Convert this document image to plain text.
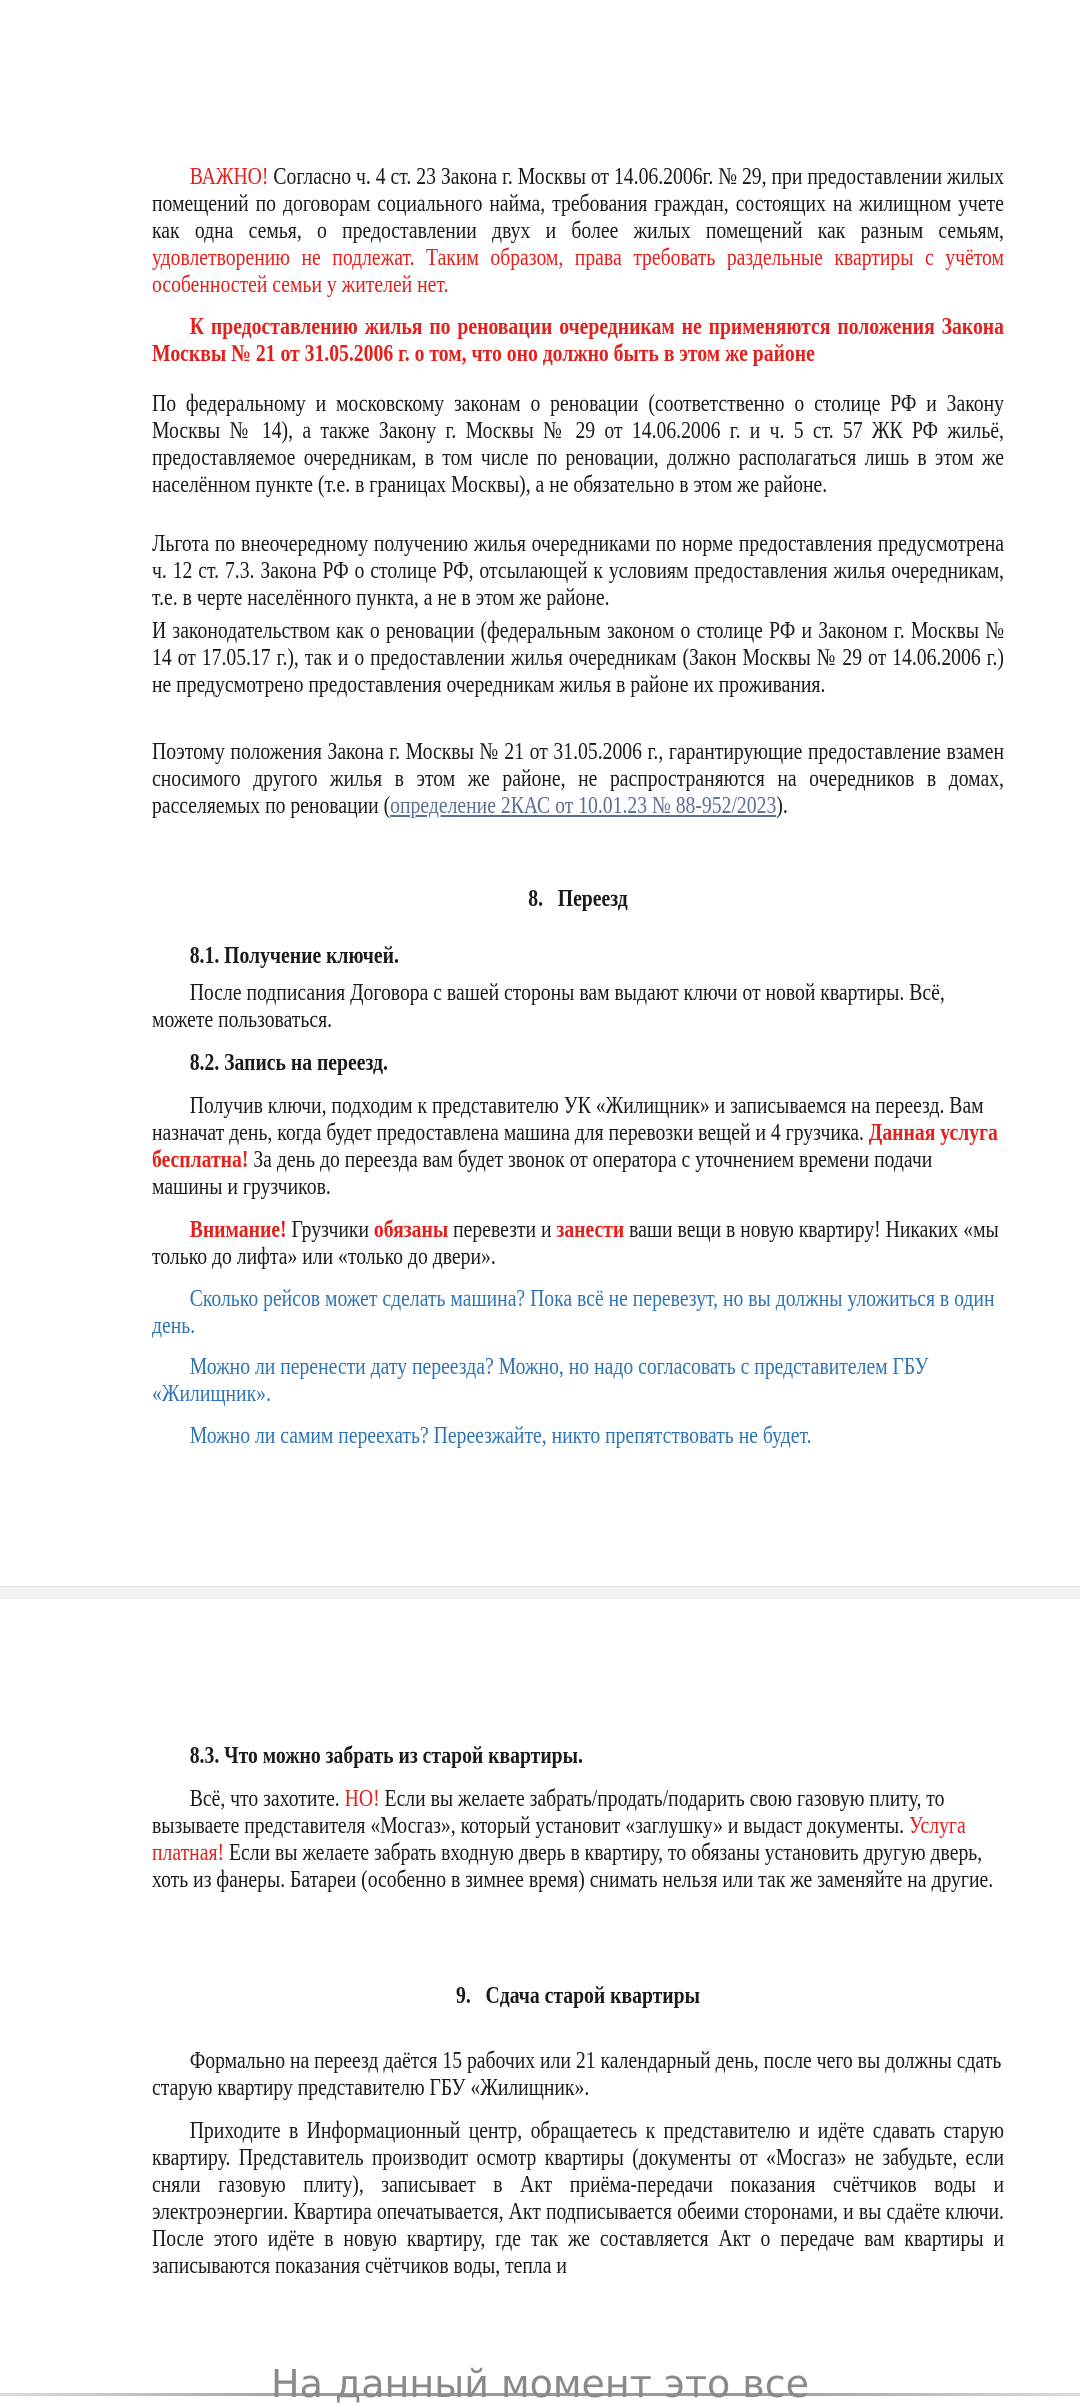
ВАЖНО! Согласно ч. 4 ст. 23 Закона г. Москвы от 14.06.2006г. № 29, при предоставлении жилых помещений по договорам социального найма, требования граждан, состоящих на жилищном учете как одна семья, о предоставлении двух и более жилых помещений как разным семьям, удовлетворению не подлежат. Таким образом, права требовать раздельные квартиры с учётом особенностей семьи у жителей нет.

К предоставлению жилья по реновации очередникам не применяются положения Закона Москвы № 21 от 31.05.2006 г. о том, что оно должно быть в этом же районе

По федеральному и московскому законам о реновации (соответственно о столице РФ и Закону Москвы № 14), а также Закону г. Москвы № 29 от 14.06.2006 г. и ч. 5 ст. 57 ЖК РФ жильё, предоставляемое очередникам, в том числе по реновации, должно располагаться лишь в этом же населённом пункте (т.е. в границах Москвы), а не обязательно в этом же районе.

Льгота по внеочередному получению жилья очередниками по норме предоставления предусмотрена ч. 12 ст. 7.3. Закона РФ о столице РФ, отсылающей к условиям предоставления жилья очередникам, т.е. в черте населённого пункта, а не в этом же районе.

И законодательством как о реновации (федеральным законом о столице РФ и Законом г. Москвы № 14 от 17.05.17 г.), так и о предоставлении жилья очередникам (Закон Москвы № 29 от 14.06.2006 г.) не предусмотрено предоставления очередникам жилья в районе их проживания.

Поэтому положения Закона г. Москвы № 21 от 31.05.2006 г., гарантирующие предоставление взамен сносимого другого жилья в этом же районе, не распространяются на очередников в домах, расселяемых по реновации (определение 2КАС от 10.01.23 № 88-952/2023).

8.   Переезд

8.1. Получение ключей.

После подписания Договора с вашей стороны вам выдают ключи от новой квартиры. Всё, можете пользоваться.

8.2. Запись на переезд.

Получив ключи, подходим к представителю УК «Жилищник» и записываемся на переезд. Вам назначат день, когда будет предоставлена машина для перевозки вещей и 4 грузчика. Данная услуга бесплатна! За день до переезда вам будет звонок от оператора с уточнением времени подачи машины и грузчиков.

Внимание! Грузчики обязаны перевезти и занести ваши вещи в новую квартиру! Никаких «мы только до лифта» или «только до двери».

Сколько рейсов может сделать машина? Пока всё не перевезут, но вы должны уложиться в один день.

Можно ли перенести дату переезда? Можно, но надо согласовать с представителем ГБУ «Жилищник».

Можно ли самим переехать? Переезжайте, никто препятствовать не будет.

8.3. Что можно забрать из старой квартиры.

Всё, что захотите. НО! Если вы желаете забрать/продать/подарить свою газовую плиту, то вызываете представителя «Мосгаз», который установит «заглушку» и выдаст документы. Услуга платная! Если вы желаете забрать входную дверь в квартиру, то обязаны установить другую дверь, хоть из фанеры. Батареи (особенно в зимнее время) снимать нельзя или так же заменяйте на другие.

9.   Сдача старой квартиры

Формально на переезд даётся 15 рабочих или 21 календарный день, после чего вы должны сдать старую квартиру представителю ГБУ «Жилищник».

Приходите в Информационный центр, обращаетесь к представителю и идёте сдавать старую квартиру. Представитель производит осмотр квартиры (документы от «Мосгаз» не забудьте, если сняли газовую плиту), записывает в Акт приёма-передачи показания счётчиков воды и электроэнергии. Квартира опечатывается, Акт подписывается обеими сторонами, и вы сдаёте ключи. После этого идёте в новую квартиру, где так же составляется Акт о передаче вам квартиры и записываются показания счётчиков воды, тепла и

На данный момент это все
